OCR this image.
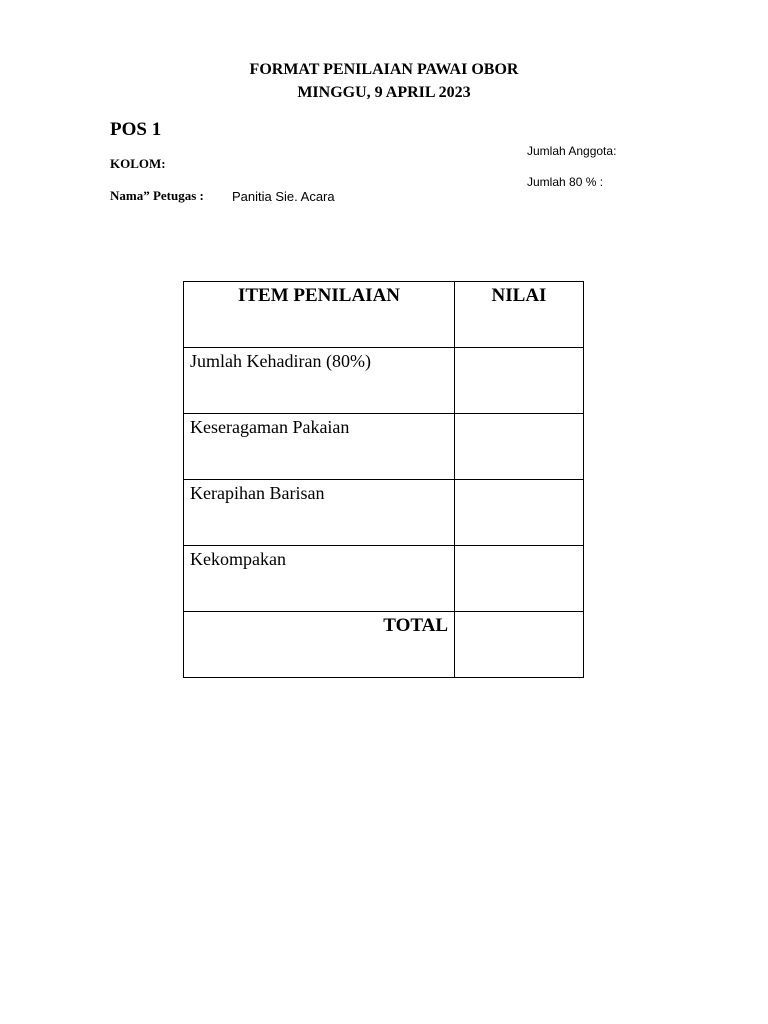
FORMAT PENILAIAN PAWAI OBOR
MINGGU, 9 APRIL 2023
POS 1
KOLOM:
Nama” Petugas : Panitia Sie. Acara
Jumlah Anggota:
Jumlah 80 % :
ITEM PENILAIAN	NILAI
Jumlah Kehadiran (80%)	
Keseragaman Pakaian	
Kerapihan Barisan	
Kekompakan	
TOTAL	
